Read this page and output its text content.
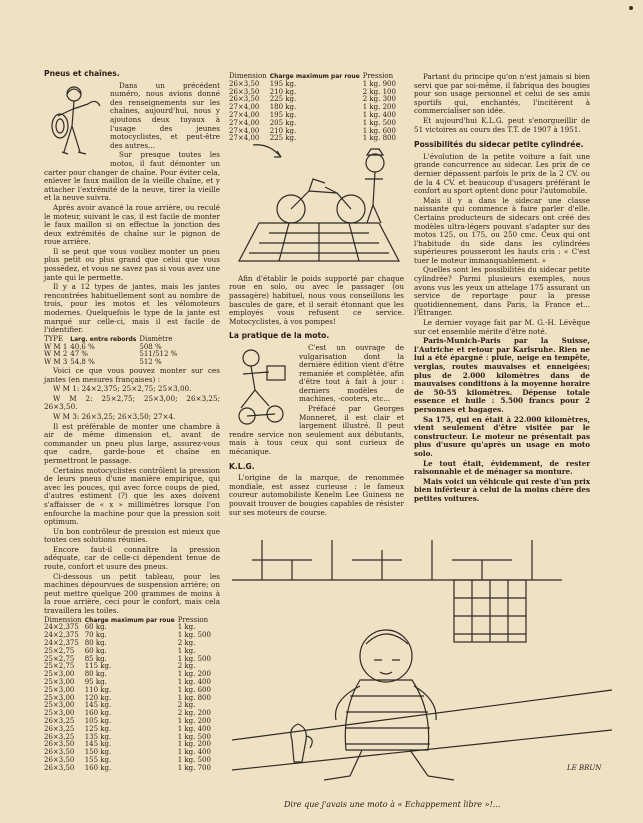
Pneus et chaînes.
Dans un précédent numéro, nous avions donné des renseignements sur les chaînes, aujourd'hui, nous y ajoutons deux tuyaux à l'usage des jeunes motocyclistes, et peut-être des autres...
Sur presque toutes les motos, il faut démonter un carter pour changer de chaîne. Pour éviter cela, enlever le faux maillon de la vieille chaîne, et y attacher l'extrémité de la neuve, tirer la vieille et la neuve suivra.
Après avoir avancé la roue arrière, ou reculé le moteur, suivant le cas, il est facile de monter le faux maillon si on effectue la jonction des deux extrémités de chaîne sur le pignon de roue arrière.
Il se peut que vous vouliez monter un pneu plus petit ou plus grand que celui que vous possédez, et vous ne savez pas si vous avez une jante qui le permette.
Il y a 12 types de jantes, mais les jantes rencontrées habituellement sont au nombre de trois, pour les motos et les vélomoteurs modernes. Quelquefois le type de la jante est marqué sur celle-ci, mais il est facile de l'identifier.
TYPE	Larg. entre rebords	Diamètre
W M 1	40,6 %	508 %
W M 2	47 %	511/512 %
W M 3	54,8 %	512 %
Voici ce que vous pouvez monter sur ces jantes (en mesures françaises) :
W M 1: 24×2,375; 25×2,75; 25×3,00.
W M 2: 25×2,75; 25×3,00; 26×3,25; 26×3,50.
W M 3: 26×3,25; 26×3,50; 27×4.
Il est préférable de monter une chambre à air de même dimension et, avant de commander un pneu plus large, assurez-vous que cadre, garde-boue et chaîne en permettront le passage.
Certains motocyclistes contrôlent la pression de leurs pneus d'une manière empirique, qui avec les pouces, qui avec force coups de pied, d'autres estiment (?) que les axes doivent s'affaisser de « x » millimètres lorsque l'on enfourche la machine pour que la pression soit optimum.
Un bon contrôleur de pression est mieux que toutes ces solutions réunies.
Encore faut-il connaître la pression adéquate, car de celle-ci dépendent tenue de route, confort et usure des pneus.
Ci-dessous un petit tableau, pour les machines dépourvues de suspension arrière; on peut mettre quelque 200 grammes de moins à la roue arrière, ceci pour le confort, mais cela travaillera les toiles.
Dimension	Charge maximum par roue	Pression
24×2,375	60 kg.	1 kg.
24×2,375	70 kg.	1 kg. 500
24×2,375	80 kg.	2 kg.
25×2,75	60 kg.	1 kg.
25×2,75	85 kg.	1 kg. 500
25×2,75	115 kg.	2 kg.
25×3,00	80 kg.	1 kg. 200
25×3,00	95 kg.	1 kg. 400
25×3,00	110 kg.	1 kg. 600
25×3,00	120 kg.	1 kg. 800
25×3,00	145 kg.	2 kg.
25×3,00	160 kg.	2 kg. 200
26×3,25	105 kg.	1 kg. 200
26×3,25	125 kg.	1 kg. 400
26×3,25	135 kg.	1 kg. 500
26×3,50	145 kg.	1 kg. 200
26×3,50	150 kg.	1 kg. 400
26×3,50	155 kg.	1 kg. 500
26×3,50	160 kg.	1 kg. 700
Dimension	Charge maximum par roue	Pression
26×3,50	195 kg.	1 kg. 900
26×3,50	210 kg.	2 kg. 100
26×3,50	225 kg.	2 kg. 300
27×4,00	180 kg.	1 kg. 200
27×4,00	195 kg.	1 kg. 400
27×4,00	205 kg.	1 kg. 500
27×4,00	210 kg.	1 kg. 600
27×4,00	225 kg.	1 kg. 800
Afin d'établir le poids supporté par chaque roue en solo, ou avec le passager (ou passagère) habituel, nous vous conseillons les bascules de gare, et il serait étonnant que les employés vous refusent ce service. Motocyclistes, à vos pompes!
La pratique de la moto.
C'est un ouvrage de vulgarisation dont la dernière édition vient d'être remaniée et complétée, afin d'être tout à fait à jour : derniers modèles de machines, -cooters, etc...
Préfacé par Georges Monneret, il est clair et largement illustré. Il peut rendre service non seulement aux débutants, mais à tous ceux qui sont curieux de mécanique.
K.L.G.
L'origine de la marque, de renommée mondiale, est assez curieuse : le fameux coureur automobiliste Kenelm Lee Guiness ne pouvait trouver de bougies capables de résister sur ses moteurs de course.
Partant du principe qu'on n'est jamais si bien servi que par soi-même, il fabriqua des bougies pour son usage personnel et celui de ses amis sportifs qui, enchantés, l'incitèrent à commercialiser son idée.
Et aujourd'hui K.L.G. peut s'enorgueillir de 51 victoires au cours des T.T. de 1907 à 1951.
Possibilités du sidecar petite cylindrée.
L'évolution de la petite voiture a fait une grande concurrence au sidecar. Les prix de ce dernier dépassent parfois le prix de la 2 CV. ou de la 4 CV. et beaucoup d'usagers préférant le confort au sport optent donc pour l'automobile.
Mais il y a dans le sidecar une classe naissante qui commence à faire parler d'elle. Certains producteurs de sidecars ont créé des modèles ultra-légers pouvant s'adapter sur des motos 125, ou 175, ou 250 cmc. Ceux qui ont l'habitude du side dans les cylindrées supérieures pousseront les hauts cris : « C'est tuer le moteur immanquablement. »
Quelles sont les possibilités du sidecar petite cylindrée? Parmi plusieurs exemples, nous avons vus les yeux un attelage 175 assurant un service de reportage pour la presse quotidiennement, dans Paris, la France et... l'Étranger.
Le dernier voyage fait par M. G.-H. Lévêque sur cet ensemble mérite d'être noté.
Paris-Munich-Paris par la Suisse, l'Autriche et retour par Karlsruhe. Rien ne lui a été épargné : pluie, neige en tempête, verglas, routes mauvaises et enneigées; plus de 2.000 kilomètres dans de mauvaises conditions à la moyenne horaire de 50-55 kilomètres. Dépense totale essence et huile : 5.500 francs pour 2 personnes et bagages.
Sa 175, qui en était à 22.000 kilomètres, vient seulement d'être visitée par le constructeur. Le moteur ne présentait pas plus d'usure qu'après un usage en moto solo.
Le tout était, évidemment, de rester raisonnable et de ménager sa monture.
Mais voici un véhicule qui reste d'un prix bien inférieur à celui de la moins chère des petites voitures.
LE BRUN
Dire que j'avais une moto à « Echappement libre »!...
